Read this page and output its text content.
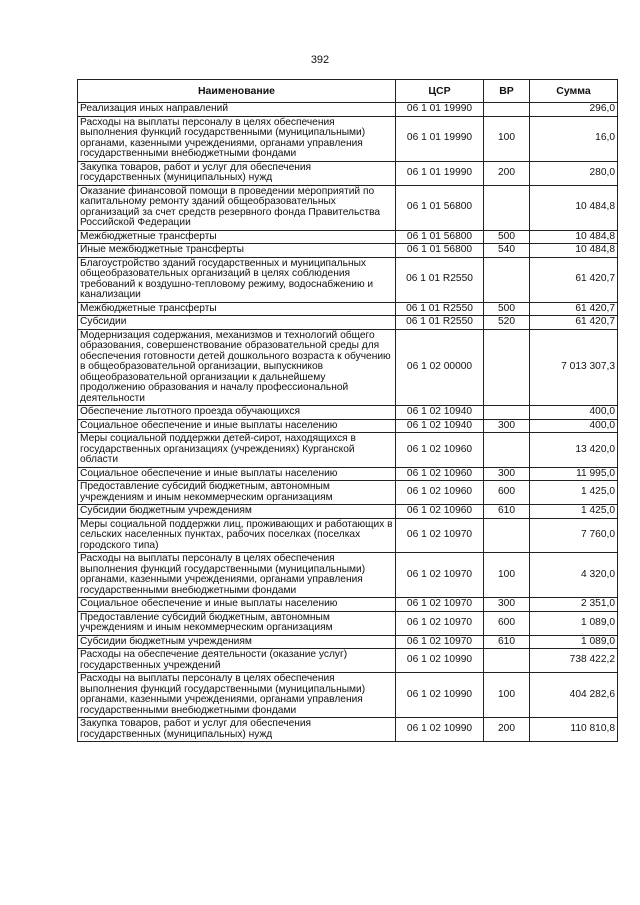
392
Наименование	ЦСР	ВР	Сумма
Реализация иных направлений	06 1 01 19990		296,0
Расходы на выплаты персоналу в целях обеспечения выполнения функций государственными (муниципальными) органами, казенными учреждениями, органами управления государственными внебюджетными фондами	06 1 01 19990	100	16,0
Закупка товаров, работ и услуг для обеспечения государственных (муниципальных) нужд	06 1 01 19990	200	280,0
Оказание финансовой помощи в проведении мероприятий по капитальному ремонту зданий общеобразовательных организаций за счет средств резервного фонда Правительства Российской Федерации	06 1 01 56800		10 484,8
Межбюджетные трансферты	06 1 01 56800	500	10 484,8
Иные межбюджетные трансферты	06 1 01 56800	540	10 484,8
Благоустройство зданий государственных и муниципальных общеобразовательных организаций в целях соблюдения требований к воздушно-тепловому режиму, водоснабжению и канализации	06 1 01 R2550		61 420,7
Межбюджетные трансферты	06 1 01 R2550	500	61 420,7
Субсидии	06 1 01 R2550	520	61 420,7
Модернизация содержания, механизмов и технологий общего образования, совершенствование образовательной среды для обеспечения готовности детей дошкольного возраста к обучению в общеобразовательной организации, выпускников общеобразовательной организации к дальнейшему продолжению образования и началу профессиональной деятельности	06 1 02 00000		7 013 307,3
Обеспечение льготного проезда обучающихся	06 1 02 10940		400,0
Социальное обеспечение и иные выплаты населению	06 1 02 10940	300	400,0
Меры социальной поддержки детей-сирот, находящихся в государственных организациях (учреждениях) Курганской области	06 1 02 10960		13 420,0
Социальное обеспечение и иные выплаты населению	06 1 02 10960	300	11 995,0
Предоставление субсидий бюджетным, автономным учреждениям и иным некоммерческим организациям	06 1 02 10960	600	1 425,0
Субсидии бюджетным учреждениям	06 1 02 10960	610	1 425,0
Меры социальной поддержки лиц, проживающих и работающих в сельских населенных пунктах, рабочих поселках (поселках городского типа)	06 1 02 10970		7 760,0
Расходы на выплаты персоналу в целях обеспечения выполнения функций государственными (муниципальными) органами, казенными учреждениями, органами управления государственными внебюджетными фондами	06 1 02 10970	100	4 320,0
Социальное обеспечение и иные выплаты населению	06 1 02 10970	300	2 351,0
Предоставление субсидий бюджетным, автономным учреждениям и иным некоммерческим организациям	06 1 02 10970	600	1 089,0
Субсидии бюджетным учреждениям	06 1 02 10970	610	1 089,0
Расходы на обеспечение деятельности (оказание услуг) государственных учреждений	06 1 02 10990		738 422,2
Расходы на выплаты персоналу в целях обеспечения выполнения функций государственными (муниципальными) органами, казенными учреждениями, органами управления государственными внебюджетными фондами	06 1 02 10990	100	404 282,6
Закупка товаров, работ и услуг для обеспечения государственных (муниципальных) нужд	06 1 02 10990	200	110 810,8
